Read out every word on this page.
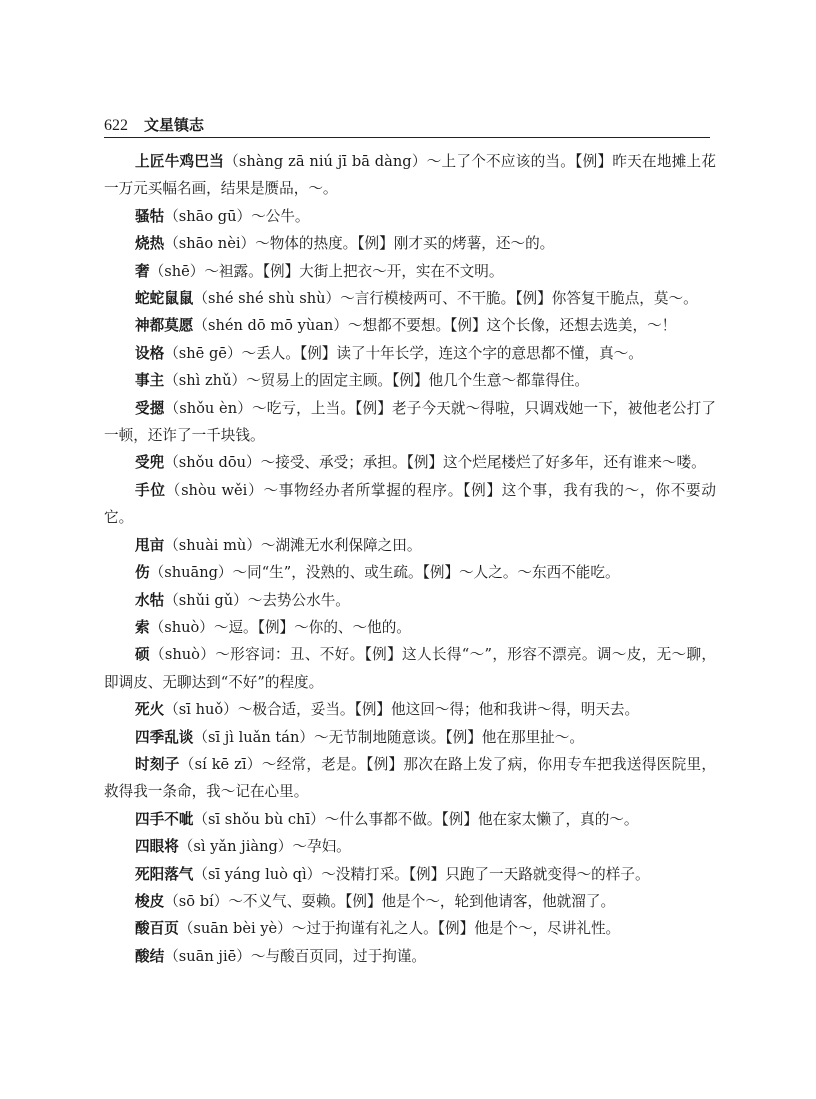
622 文星镇志

上匠牛鸡巴当（shàng zā niú jī bā dàng）～上了个不应该的当。【例】昨天在地摊上花一万元买幅名画，结果是赝品，～。

骚牯（shāo gū）～公牛。

烧热（shāo nèi）～物体的热度。【例】刚才买的烤薯，还～的。

奢（shē）～袒露。【例】大街上把衣～开，实在不文明。

蛇蛇鼠鼠（shé shé shù shù）～言行模棱两可、不干脆。【例】你答复干脆点，莫～。

神都莫愿（shén dō mō yùan）～想都不要想。【例】这个长像，还想去选美，～！

设格（shē gē）～丢人。【例】读了十年长学，连这个字的意思都不懂，真～。

事主（shì zhǔ）～贸易上的固定主顾。【例】他几个生意～都靠得住。

受摁（shǒu èn）～吃亏，上当。【例】老子今天就～得啦，只调戏她一下，被他老公打了一顿，还诈了一千块钱。

受兜（shǒu dōu）～接受、承受；承担。【例】这个烂尾楼烂了好多年，还有谁来～喽。

手位（shòu wěi）～事物经办者所掌握的程序。【例】这个事，我有我的～，你不要动它。

甩亩（shuài mù）～湖滩无水利保障之田。

伤（shuāng）～同“生”，没熟的、或生疏。【例】～人之。～东西不能吃。

水牯（shǔi gǔ）～去势公水牛。

索（shuò）～逗。【例】～你的、～他的。

硕（shuò）～形容词：丑、不好。【例】这人长得“～”，形容不漂亮。调～皮，无～聊，即调皮、无聊达到“不好”的程度。

死火（sī huǒ）～极合适，妥当。【例】他这回～得；他和我讲～得，明天去。

四季乱谈（sī jì luǎn tán）～无节制地随意谈。【例】他在那里扯～。

时刻子（sí kē zī）～经常，老是。【例】那次在路上发了病，你用专车把我送得医院里，救得我一条命，我～记在心里。

四手不呲（sī shǒu bù chī）～什么事都不做。【例】他在家太懒了，真的～。

四眼将（sì yǎn jiàng）～孕妇。

死阳落气（sī yáng luò qì）～没精打采。【例】只跑了一天路就变得～的样子。

梭皮（sō bí）～不义气、耍赖。【例】他是个～，轮到他请客，他就溜了。

酸百页（suān bèi yè）～过于拘谨有礼之人。【例】他是个～，尽讲礼性。

酸结（suān jiē）～与酸百页同，过于拘谨。
